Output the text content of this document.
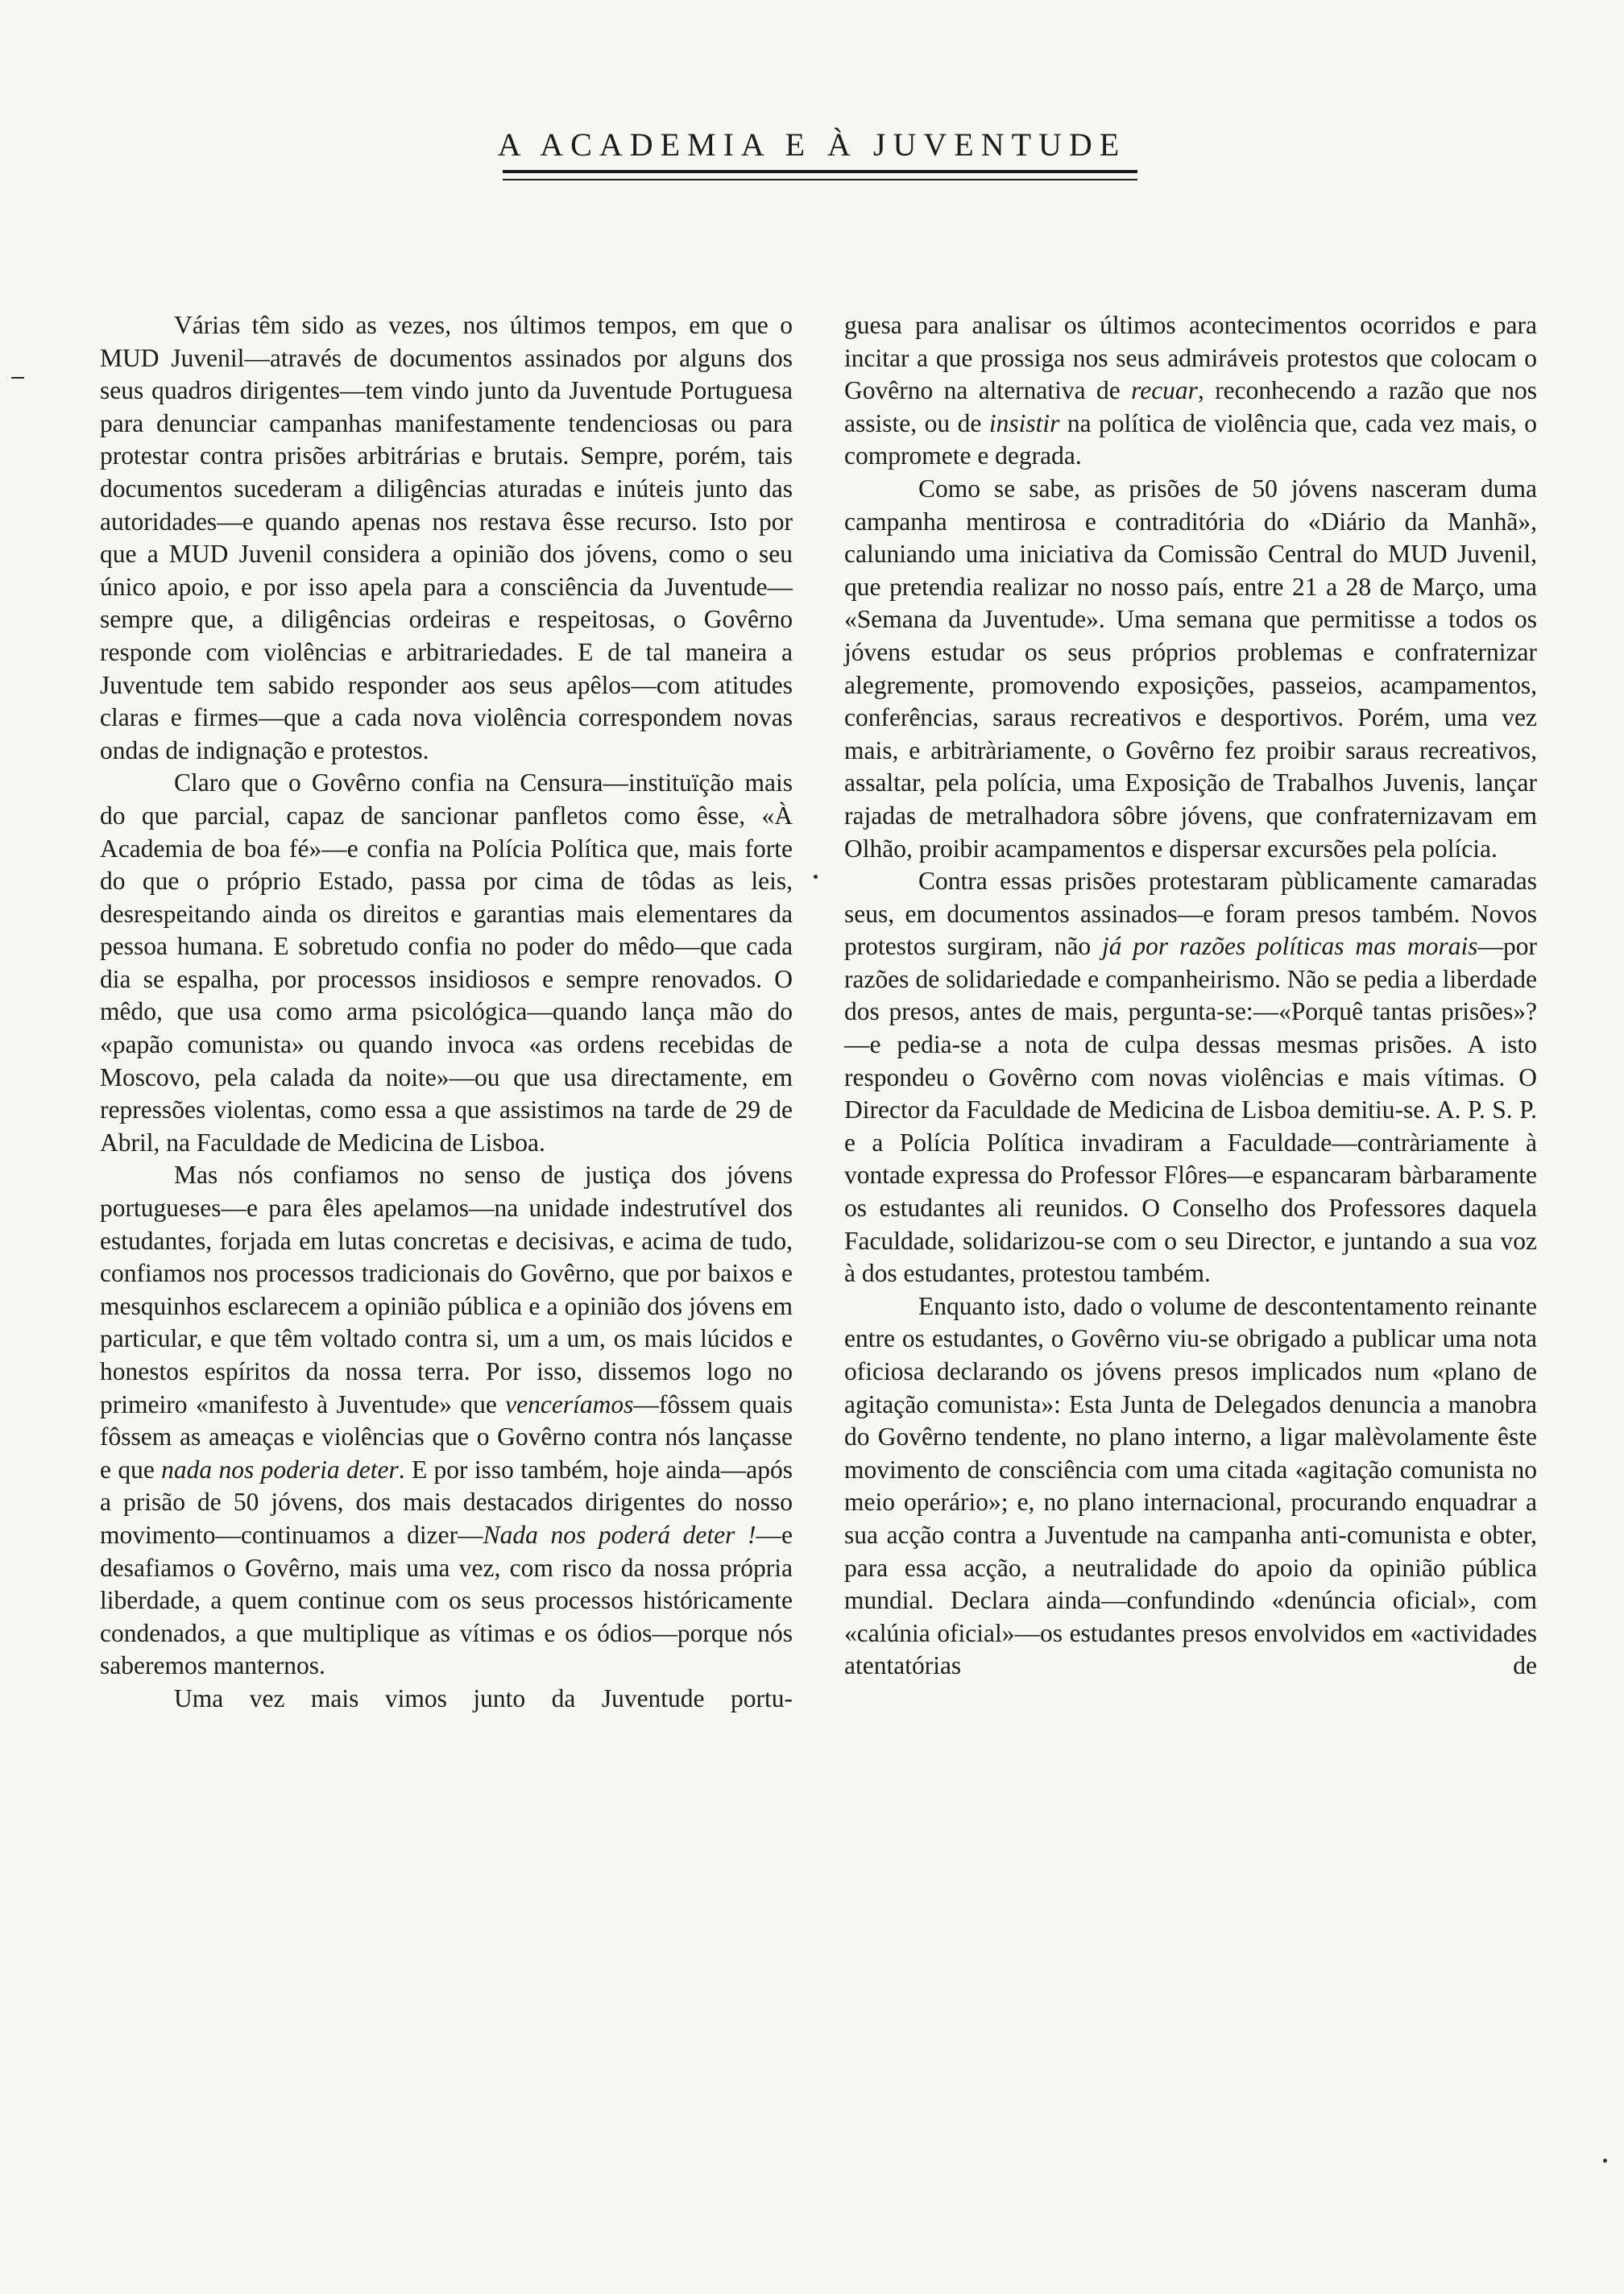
A ACADEMIA E À JUVENTUDE

Várias têm sido as vezes, nos últimos tempos, em que o MUD Juvenil—através de documentos assinados por alguns dos seus quadros dirigentes—tem vindo junto da Juventude Portuguesa para denunciar campanhas manifestamente tendenciosas ou para protestar contra prisões arbitrárias e brutais. Sempre, porém, tais documentos sucederam a diligências aturadas e inúteis junto das autoridades—e quando apenas nos restava êsse recurso. Isto por que a MUD Juvenil considera a opinião dos jóvens, como o seu único apoio, e por isso apela para a consciência da Juventude—sempre que, a diligências ordeiras e respeitosas, o Govêrno responde com violências e arbitrariedades. E de tal maneira a Juventude tem sabido responder aos seus apêlos—com atitudes claras e firmes—que a cada nova violência correspondem novas ondas de indignação e protestos.

Claro que o Govêrno confia na Censura—instituïção mais do que parcial, capaz de sancionar panfletos como êsse, «À Academia de boa fé»—e confia na Polícia Política que, mais forte do que o próprio Estado, passa por cima de tôdas as leis, desrespeitando ainda os direitos e garantias mais elementares da pessoa humana. E sobretudo confia no poder do mêdo—que cada dia se espalha, por processos insidiosos e sempre renovados. O mêdo, que usa como arma psicológica—quando lança mão do «papão comunista» ou quando invoca «as ordens recebidas de Moscovo, pela calada da noite»—ou que usa directamente, em repressões violentas, como essa a que assistimos na tarde de 29 de Abril, na Faculdade de Medicina de Lisboa.

Mas nós confiamos no senso de justiça dos jóvens portugueses—e para êles apelamos—na unidade indestrutível dos estudantes, forjada em lutas concretas e decisivas, e acima de tudo, confiamos nos processos tradicionais do Govêrno, que por baixos e mesquinhos esclarecem a opinião pública e a opinião dos jóvens em particular, e que têm voltado contra si, um a um, os mais lúcidos e honestos espíritos da nossa terra. Por isso, dissemos logo no primeiro «manifesto à Juventude» que venceríamos—fôssem quais fôssem as ameaças e violências que o Govêrno contra nós lançasse e que nada nos poderia deter. E por isso também, hoje ainda—após a prisão de 50 jóvens, dos mais destacados dirigentes do nosso movimento—continuamos a dizer—Nada nos poderá deter !—e desafiamos o Govêrno, mais uma vez, com risco da nossa própria liberdade, a quem continue com os seus processos históricamente condenados, a que multiplique as vítimas e os ódios—porque nós saberemos manternos.

Uma vez mais vimos junto da Juventude portu-

guesa para analisar os últimos acontecimentos ocorridos e para incitar a que prossiga nos seus admiráveis protestos que colocam o Govêrno na alternativa de recuar, reconhecendo a razão que nos assiste, ou de insistir na política de violência que, cada vez mais, o compromete e degrada.

Como se sabe, as prisões de 50 jóvens nasceram duma campanha mentirosa e contraditória do «Diário da Manhã», caluniando uma iniciativa da Comissão Central do MUD Juvenil, que pretendia realizar no nosso país, entre 21 a 28 de Março, uma «Semana da Juventude». Uma semana que permitisse a todos os jóvens estudar os seus próprios problemas e confraternizar alegremente, promovendo exposições, passeios, acampamentos, conferências, saraus recreativos e desportivos. Porém, uma vez mais, e arbitràriamente, o Govêrno fez proibir saraus recreativos, assaltar, pela polícia, uma Exposição de Trabalhos Juvenis, lançar rajadas de metralhadora sôbre jóvens, que confraternizavam em Olhão, proibir acampamentos e dispersar excursões pela polícia.

Contra essas prisões protestaram pùblicamente camaradas seus, em documentos assinados—e foram presos também. Novos protestos surgiram, não já por razões políticas mas morais—por razões de solidariedade e companheirismo. Não se pedia a liberdade dos presos, antes de mais, pergunta-se:—«Porquê tantas prisões»?—e pedia-se a nota de culpa dessas mesmas prisões. A isto respondeu o Govêrno com novas violências e mais vítimas. O Director da Faculdade de Medicina de Lisboa demitiu-se. A. P. S. P. e a Polícia Política invadiram a Faculdade—contràriamente à vontade expressa do Professor Flôres—e espancaram bàrbaramente os estudantes ali reunidos. O Conselho dos Professores daquela Faculdade, solidarizou-se com o seu Director, e juntando a sua voz à dos estudantes, protestou também.

Enquanto isto, dado o volume de descontentamento reinante entre os estudantes, o Govêrno viu-se obrigado a publicar uma nota oficiosa declarando os jóvens presos implicados num «plano de agitação comunista»: Esta Junta de Delegados denuncia a manobra do Govêrno tendente, no plano interno, a ligar malèvolamente êste movimento de consciência com uma citada «agitação comunista no meio operário»; e, no plano internacional, procurando enquadrar a sua acção contra a Juventude na campanha anti-comunista e obter, para essa acção, a neutralidade do apoio da opinião pública mundial. Declara ainda—confundindo «denúncia oficial», com «calúnia oficial»—os estudantes presos envolvidos em «actividades atentatórias de
